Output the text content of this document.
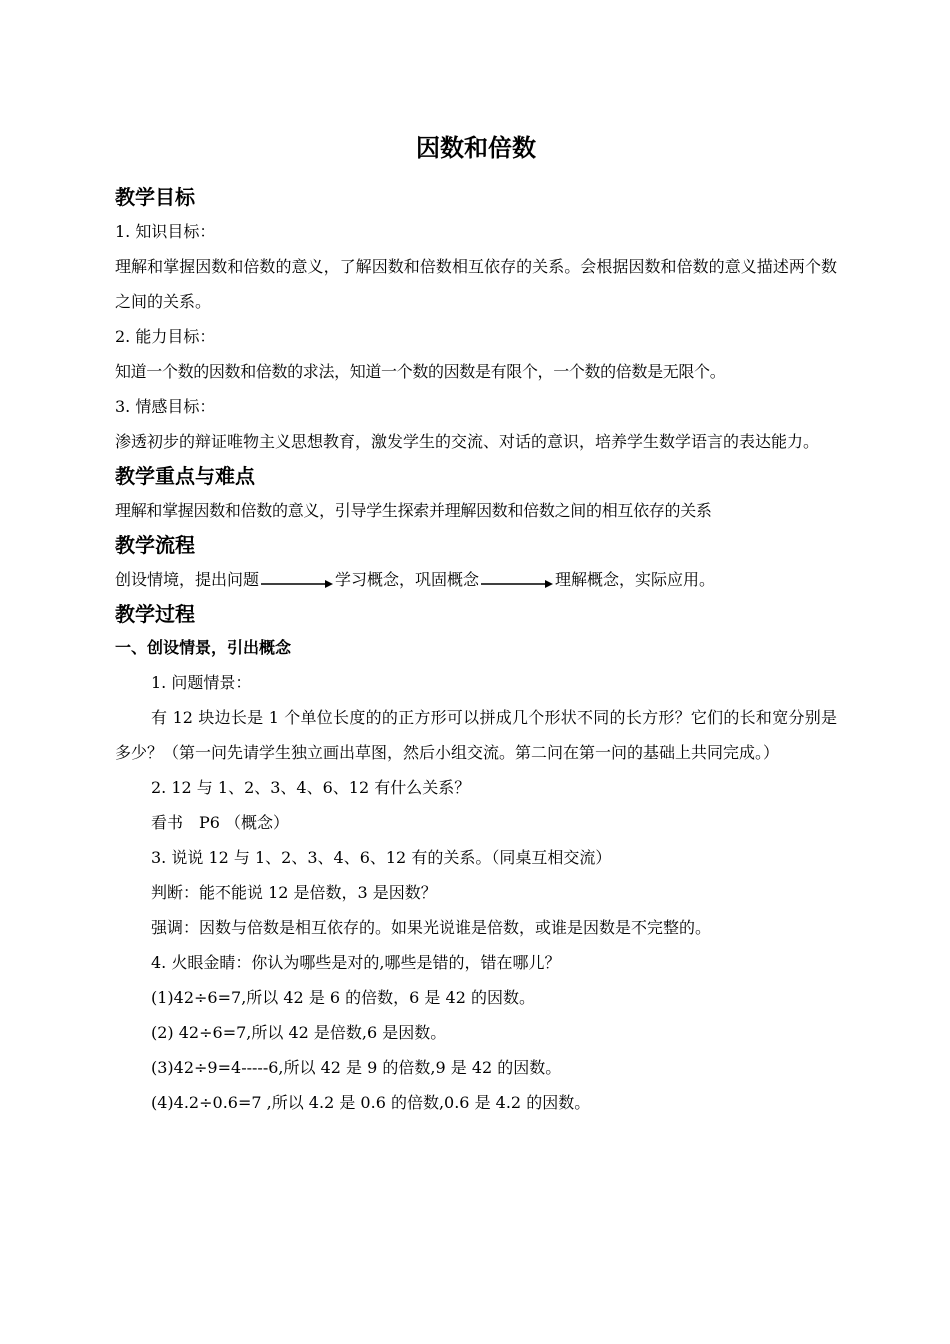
因数和倍数
教学目标
1. 知识目标：
理解和掌握因数和倍数的意义，了解因数和倍数相互依存的关系。会根据因数和倍数的意义描述两个数之间的关系。
2. 能力目标：
知道一个数的因数和倍数的求法，知道一个数的因数是有限个，一个数的倍数是无限个。
3. 情感目标：
渗透初步的辩证唯物主义思想教育，激发学生的交流、对话的意识，培养学生数学语言的表达能力。
教学重点与难点
理解和掌握因数和倍数的意义，引导学生探索并理解因数和倍数之间的相互依存的关系
教学流程
创设情境，提出问题	学习概念，巩固概念	理解概念，实际应用。
教学过程
一、创设情景，引出概念
1. 问题情景：
有 12 块边长是 1 个单位长度的的正方形可以拼成几个形状不同的长方形？它们的长和宽分别是多少？（第一问先请学生独立画出草图，然后小组交流。第二问在第一问的基础上共同完成。）
2. 12 与 1、2、3、4、6、12 有什么关系？
看书　P6 （概念）
3. 说说 12 与 1、2、3、4、6、12 有的关系。（同桌互相交流）
判断：能不能说 12 是倍数，3 是因数？
强调：因数与倍数是相互依存的。如果光说谁是倍数，或谁是因数是不完整的。
4. 火眼金睛：你认为哪些是对的,哪些是错的，错在哪儿？
(1)42÷6=7,所以 42 是 6 的倍数，6 是 42 的因数。
(2) 42÷6=7,所以 42 是倍数,6 是因数。
(3)42÷9=4-----6,所以 42 是 9 的倍数,9 是 42 的因数。
(4)4.2÷0.6=7 ,所以 4.2 是 0.6 的倍数,0.6 是 4.2 的因数。
